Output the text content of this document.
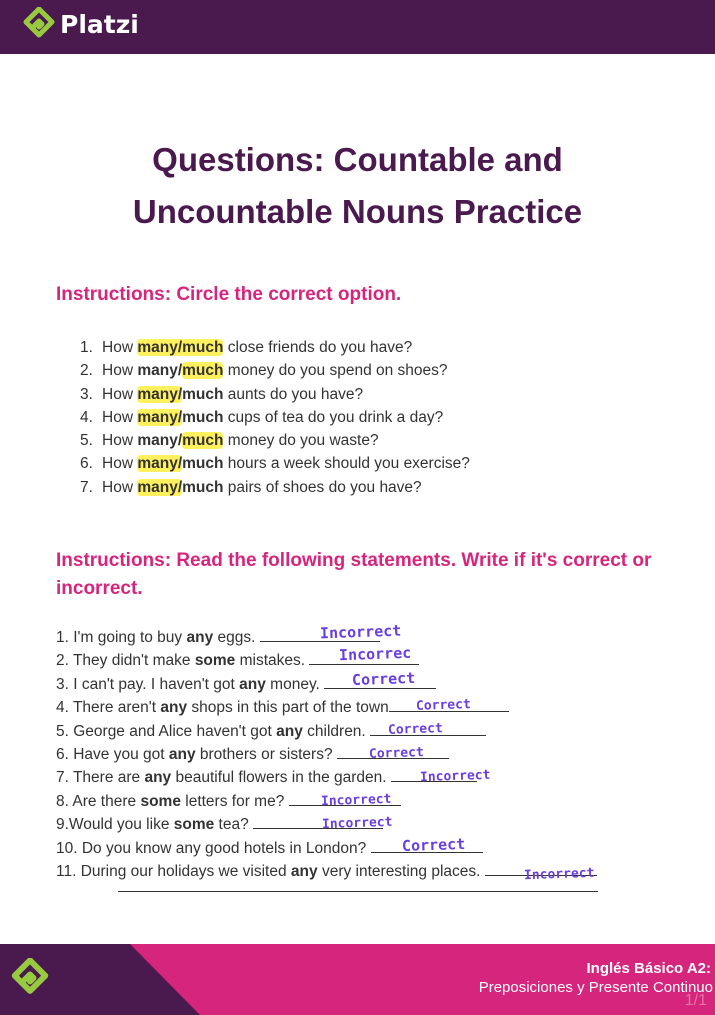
Platzi
Questions: Countable and
Uncountable Nouns Practice
Instructions: Circle the correct option.
1. How many/much close friends do you have?
2. How many/much money do you spend on shoes?
3. How many/much aunts do you have?
4. How many/much cups of tea do you drink a day?
5. How many/much money do you waste?
6. How many/much hours a week should you exercise?
7. How many/much pairs of shoes do you have?
Instructions: Read the following statements. Write if it's correct or incorrect.
1. I'm going to buy any eggs.	Incorrect
2. They didn't make some mistakes. Incorrec
3. I can't pay. I haven't got any money. Correct
4. There aren't any shops in this part of the town Correct
5. George and Alice haven't got any children. Correct
6. Have you got any brothers or sisters?	Correct
7. There are any beautiful flowers in the garden.	Incorrect
8. Are there some letters for me?	Incorrect
9.Would you like some tea?	Incorrect
10. Do you know any good hotels in London? Correct
11. During our holidays we visited any very interesting places.	Incorrect
Inglés Básico A2:
Preposiciones y Presente Continuo
1/1
